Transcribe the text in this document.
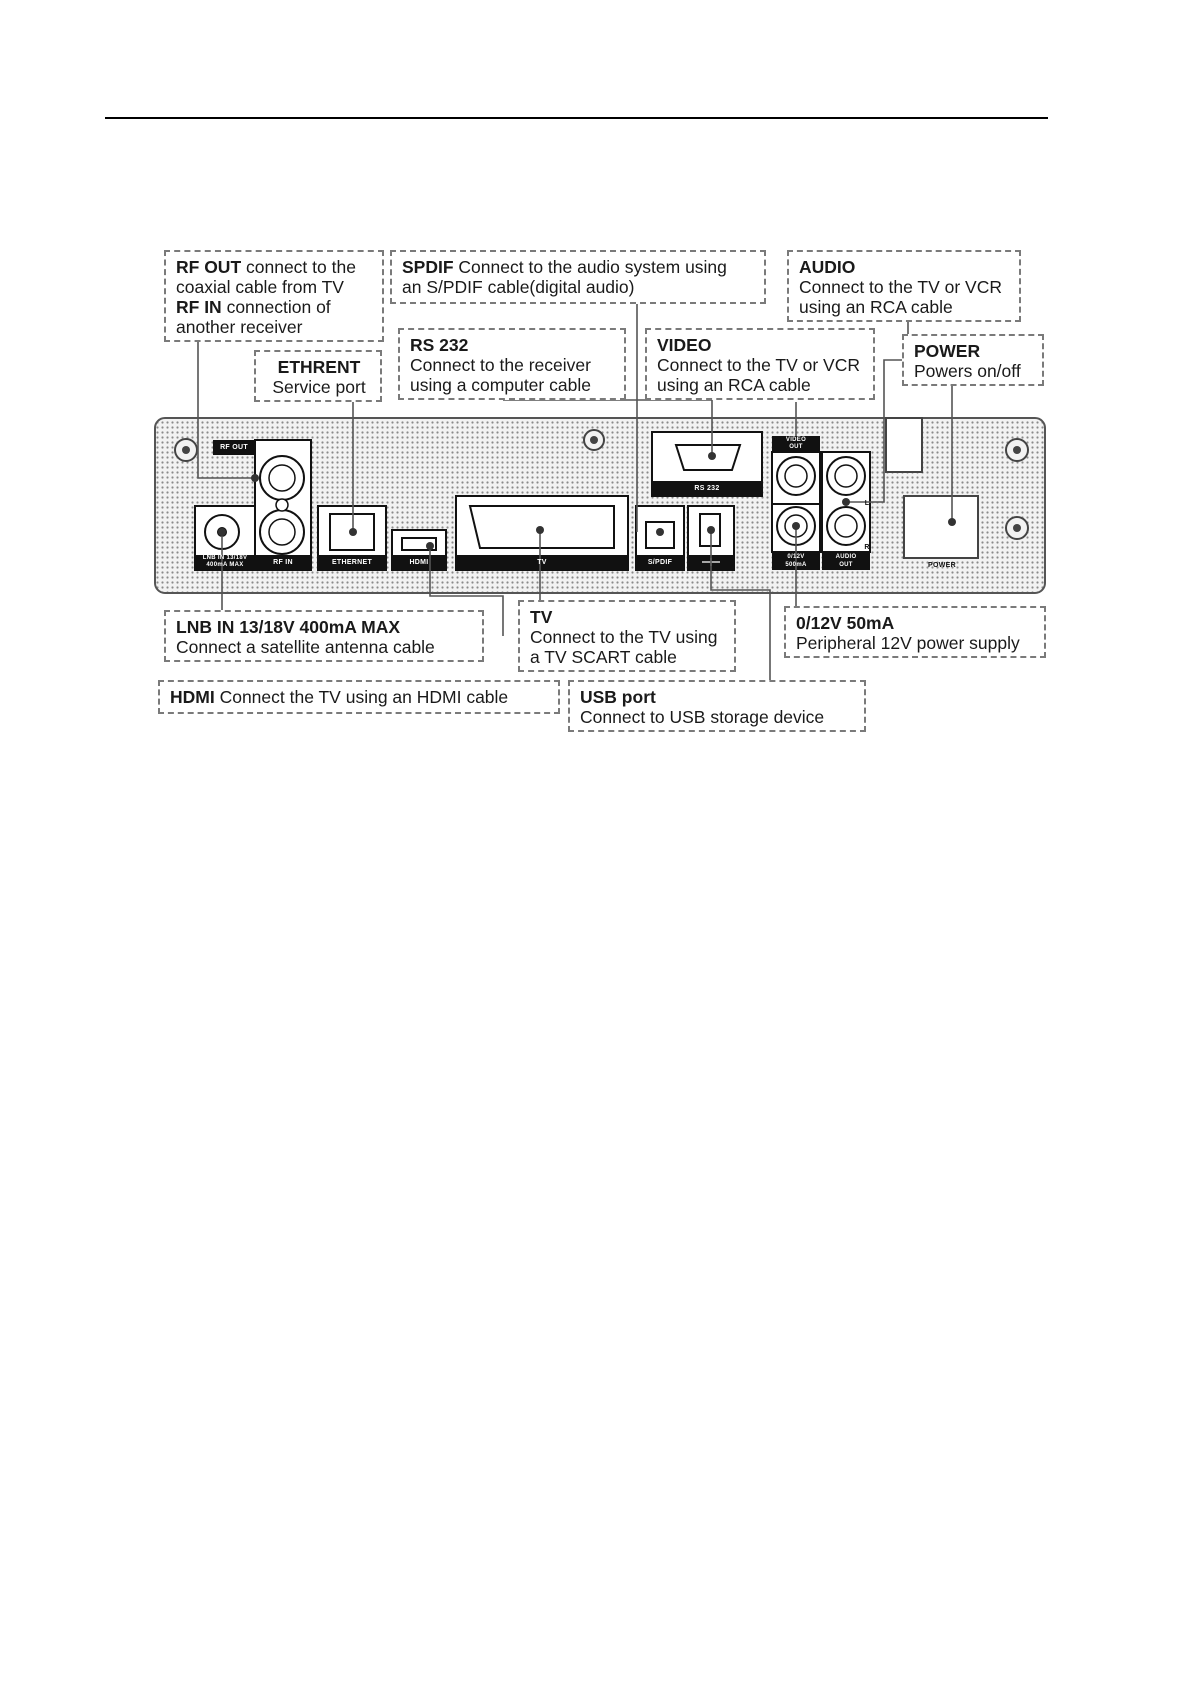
RF OUT
RF IN
LNB IN 13/18V
400mA MAX	ETHERNET	HDMI	TV
RS 232
S/PDIF
VIDEO
OUT
0/12V
500mA
AUDIO
OUT
L
R
POWER
RF OUT connect to the
coaxial cable from TV
RF IN connection of
another receiver
ETHRENT
Service port
SPDIF Connect to the audio system using
an S/PDIF cable(digital audio)
RS 232
Connect to the receiver
using a computer cable
VIDEO
Connect to the TV or VCR
using an RCA cable
AUDIO
Connect to the TV or VCR
using an RCA cable
POWER
Powers on/off
LNB IN 13/18V 400mA MAX
Connect a satellite antenna cable
TV
Connect to the TV using
a TV SCART cable
0/12V 50mA
Peripheral 12V power supply
HDMI Connect the TV using an HDMI cable	USB port
Connect to USB storage device
